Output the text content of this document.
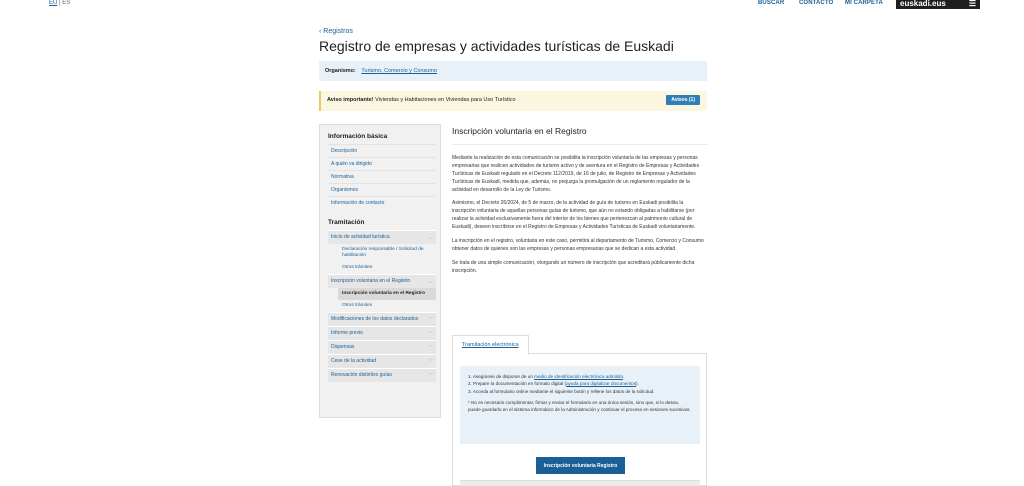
EU | ES	BUSCAR CONTACTO MI CARPETA euskadi.eus	☰
‹ Registros
Registro de empresas y actividades turísticas de Euskadi
Organismo: Turismo, Comercio y Consumo
Aviso importante! Viviendas y Habitaciones en Viviendas para Uso Turístico	Avisos (1)
Información básica
Descripción
A quién va dirigido
Normativa
Organismos
Información de contacto
Tramitación
Inicio de actividad turística	︿
Declaración responsable / Solicitud de habilitación
Otros trámites
Inscripción voluntaria en el Registro	︿
Inscripción voluntaria en el Registro
Otros trámites
Modificaciones de los datos declarados ﹀
Informe previo	﹀
Dispensas	﹀
Cese de la actividad	﹀
Renovación distintivo guías	﹀
Inscripción voluntaria en el Registro

Mediante la realización de esta comunicación se posibilita la inscripción voluntaria de las empresas y personas empresarias que realicen actividades de turismo activo y de aventura en el Registro de Empresas y Actividades Turísticas de Euskadi regulado en el Decreto 112/2019, de 16 de julio, de Registro de Empresas y Actividades Turísticas de Euskadi, medida que, además, no prejuzga la promulgación de un reglamento regulador de la actividad en desarrollo de la Ley de Turismo.

Asimismo, el Decreto 26/2024, de 5 de marzo, de la actividad de guía de turismo en Euskadi posibilita la inscripción voluntaria de aquellas personas guías de turismo, que aún no estando obligadas a habilitarse (por realizar la actividad exclusivamente fuera del interior de los bienes que pertenezcan al patrimonio cultural de Euskadi), deseen inscribirse en el Registro de Empresas y Actividades Turísticas de Euskadi voluntariamente.

La inscripción en el registro, voluntaria en este caso, permitirá al departamento de Turismo, Comercio y Consumo obtener datos de quienes son las empresas y personas empresarias que se dedican a esta actividad.

Se trata de una simple comunicación, otorgando un número de inscripción que acreditará públicamente dicha inscripción.

Tramitación electrónica
1. Asegúrese de disponer de un medio de identificación electrónica admitido.
2. Prepare la documentación en formato digital (ayuda para digitalizar documentos).
3. Acceda al formulario online mediante el siguiente botón y rellene los datos de la solicitud.
* No es necesario cumplimentar, firmar y enviar el formulario en una única sesión, sino que, si lo desea, puede guardarlo en el sistema informático de la Administración y continuar el proceso en sesiones sucesivas.
Inscripción voluntaria Registro
